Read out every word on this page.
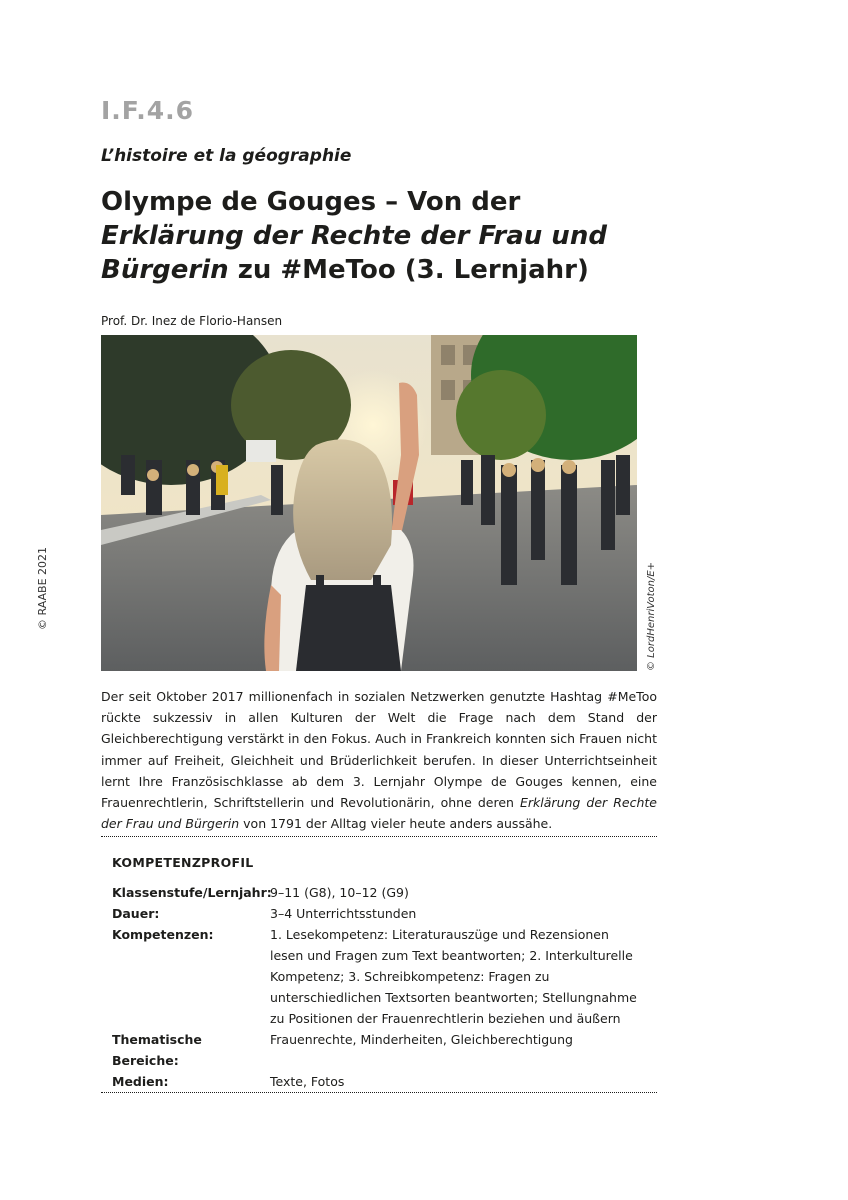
I.F.4.6
L’histoire et la géographie
Olympe de Gouges – Von der Erklärung der Rechte der Frau und Bürgerin zu #MeToo (3. Lernjahr)
Prof. Dr. Inez de Florio-Hansen
© RAABE 2021	© LordHenriVoton/E+
Der seit Oktober 2017 millionenfach in sozialen Netzwerken genutzte Hashtag #MeToo rückte sukzessiv in allen Kulturen der Welt die Frage nach dem Stand der Gleichberechtigung verstärkt in den Fokus. Auch in Frankreich konnten sich Frauen nicht immer auf Freiheit, Gleichheit und Brüderlichkeit berufen. In dieser Unterrichtseinheit lernt Ihre Französischklasse ab dem 3. Lernjahr Olympe de Gouges kennen, eine Frauenrechtlerin, Schriftstellerin und Revolutionärin, ohne deren Erklärung der Rechte der Frau und Bürgerin von 1791 der Alltag vieler heute anders aussähe.
KOMPETENZPROFIL
Klassenstufe/Lernjahr:
9–11 (G8), 10–12 (G9)
Dauer:	3–4 Unterrichtsstunden
Kompetenzen:	1. Lesekompetenz: Literaturauszüge und Rezensionen lesen und Fragen zum Text beantworten; 2. Interkulturelle Kompetenz; 3. Schreibkompetenz: Fragen zu unterschiedlichen Textsorten beantworten; Stellungnahme zu Positionen der Frauenrechtlerin beziehen und äußern
Thematische Bereiche:
Frauenrechte, Minderheiten, Gleichberechtigung
Medien:	Texte, Fotos
